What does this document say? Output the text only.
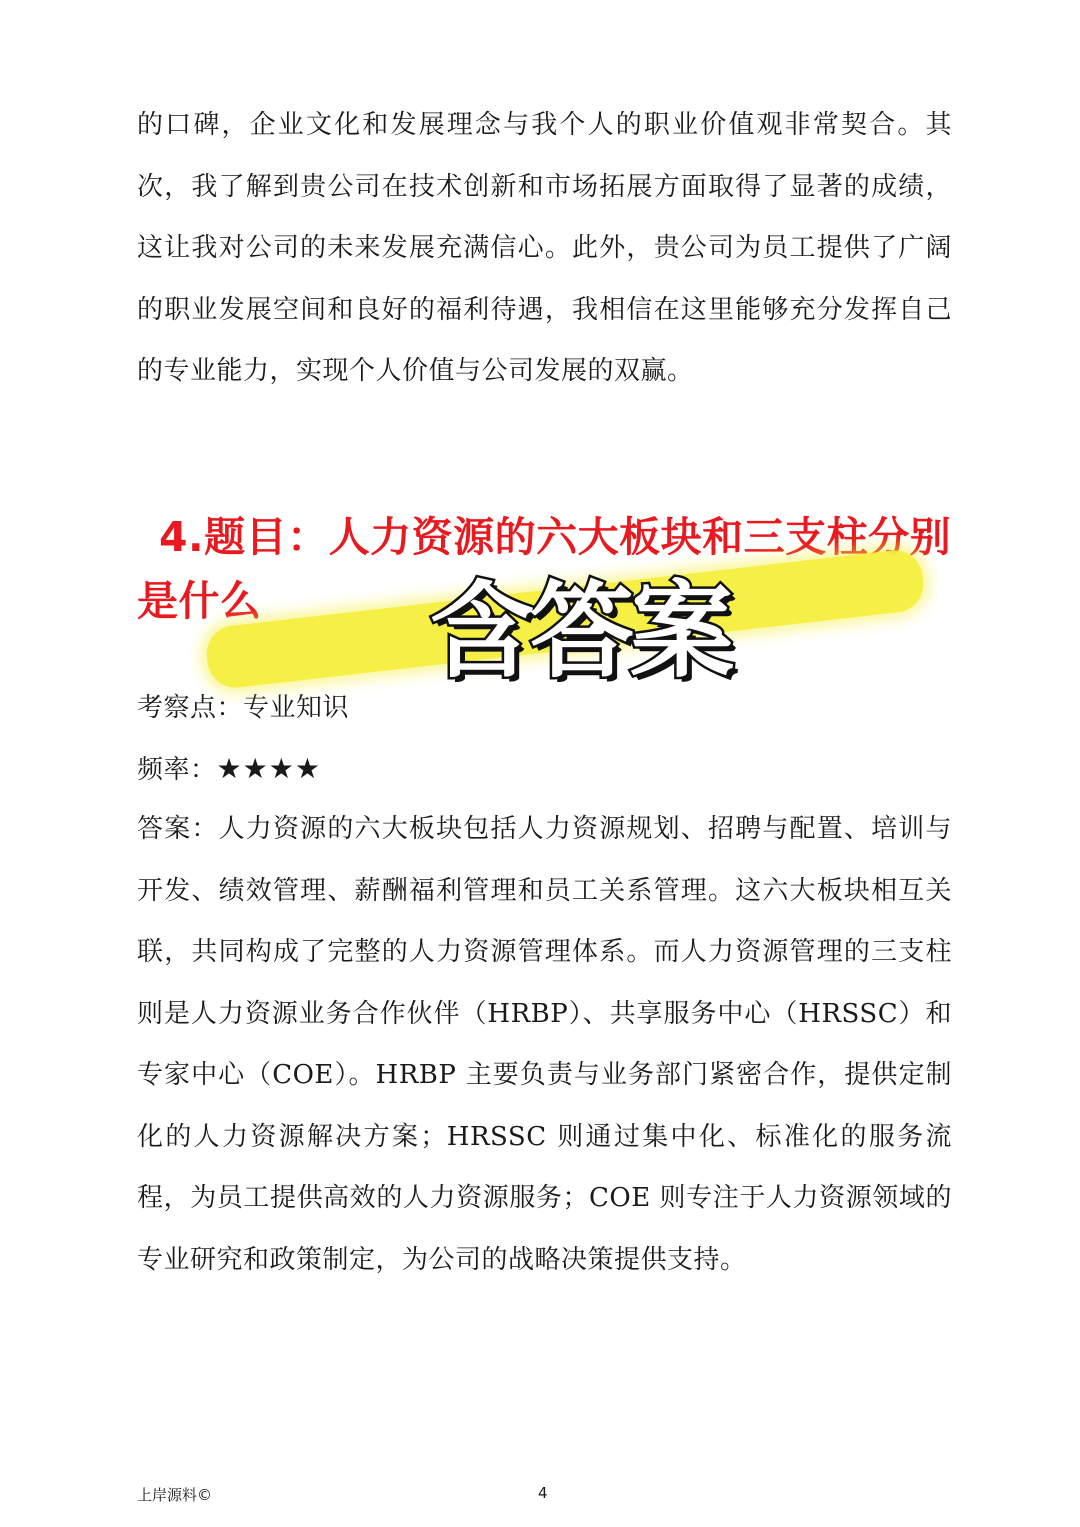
的口碑，企业文化和发展理念与我个人的职业价值观非常契合。其次，我了解到贵公司在技术创新和市场拓展方面取得了显著的成绩，这让我对公司的未来发展充满信心。此外，贵公司为员工提供了广阔的职业发展空间和良好的福利待遇，我相信在这里能够充分发挥自己的专业能力，实现个人价值与公司发展的双赢。

4.题目：人力资源的六大板块和三支柱分别是什么	含答案

考察点：专业知识

频率：★★★★

答案：人力资源的六大板块包括人力资源规划、招聘与配置、培训与开发、绩效管理、薪酬福利管理和员工关系管理。这六大板块相互关联，共同构成了完整的人力资源管理体系。而人力资源管理的三支柱则是人力资源业务合作伙伴（HRBP）、共享服务中心（HRSSC）和专家中心（COE）。HRBP 主要负责与业务部门紧密合作，提供定制化的人力资源解决方案；HRSSC 则通过集中化、标准化的服务流程，为员工提供高效的人力资源服务；COE 则专注于人力资源领域的专业研究和政策制定，为公司的战略决策提供支持。

上岸源料©	4
